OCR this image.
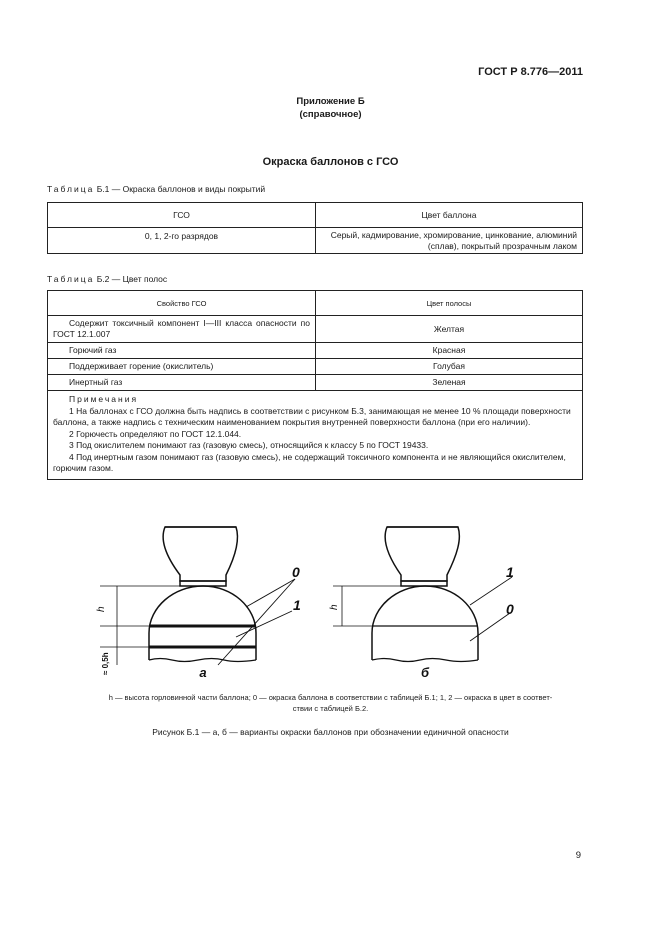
ГОСТ Р 8.776—2011
Приложение Б
(справочное)
Окраска баллонов с ГСО
Таблица Б.1 — Окраска баллонов и виды покрытий
ГСО	Цвет баллона
0, 1, 2-го разрядов	Серый, кадмирование, хромирование, цинкование, алюминий (сплав), покрытый прозрачным лаком
Таблица Б.2 — Цвет полос
Свойство ГСО	Цвет полосы
Содержит токсичный компонент I—III класса опасности по ГОСТ 12.1.007	Желтая
Горючий газ	Красная
Поддерживает горение (окислитель)	Голубая
Инертный газ	Зеленая

Примечания

1 На баллонах с ГСО должна быть надпись в соответствии с рисунком Б.3, занимающая не менее 10 % площади поверхности баллона, а также надпись с техническим наименованием покрытия внутренней поверхности баллона (при его наличии).

2 Горючесть определяют по ГОСТ 12.1.044.

3 Под окислителем понимают газ (газовую смесь), относящийся к классу 5 по ГОСТ 19433.

4 Под инертным газом понимают газ (газовую смесь), не содержащий токсичного компонента и не являющийся окислителем, горючим газом.	

h
≈ 0,5h
0
1
а
h
1
0
б
h — высота горловинной части баллона; 0 — окраска баллона в соответствии с таблицей Б.1; 1, 2 — окраска в цвет в соответ-
ствии с таблицей Б.2.
Рисунок Б.1 — а, б — варианты окраски баллонов при обозначении единичной опасности
9
